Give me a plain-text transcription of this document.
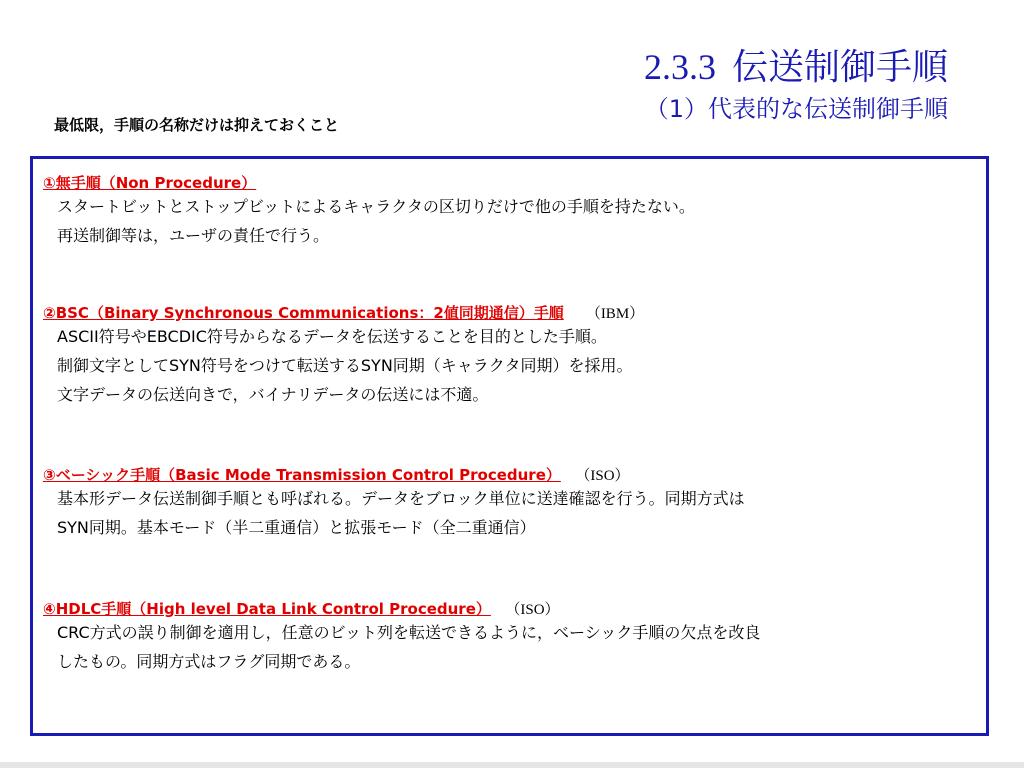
2.3.3 伝送制御手順
（1）代表的な伝送制御手順
最低限，手順の名称だけは抑えておくこと
①無手順（Non Procedure）
スタートビットとストップビットによるキャラクタの区切りだけで他の手順を持たない。
再送制御等は，ユーザの責任で行う。
②BSC（Binary Synchronous Communications：2値同期通信）手順 （IBM）
ASCII符号やEBCDIC符号からなるデータを伝送することを目的とした手順。
制御文字としてSYN符号をつけて転送するSYN同期（キャラクタ同期）を採用。
文字データの伝送向きで，バイナリデータの伝送には不適。
③ベーシック手順（Basic Mode Transmission Control Procedure） （ISO）
基本形データ伝送制御手順とも呼ばれる。データをブロック単位に送達確認を行う。同期方式は
SYN同期。基本モード（半二重通信）と拡張モード（全二重通信）
④HDLC手順（High level Data Link Control Procedure） （ISO）
CRC方式の誤り制御を適用し，任意のビット列を転送できるように，ベーシック手順の欠点を改良
したもの。同期方式はフラグ同期である。
